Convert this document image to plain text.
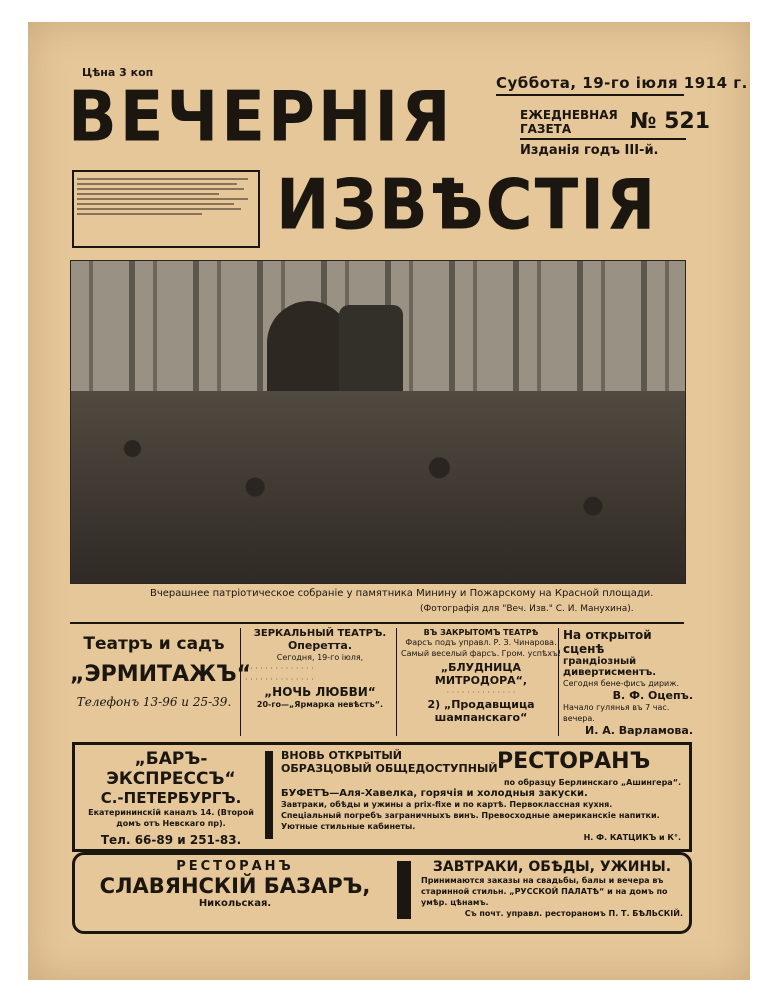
Цѣна 3 коп
Суббота, 19-го іюля 1914 г.
ВЕЧЕРНІЯ	ЕЖЕДНЕВНАЯ
ГАЗЕТА	№ 521
Изданія годъ III-й.
ИЗВѢСТІЯ
Вчерашнее патріотическое собраніе у памятника Минину и Пожарскому на Красной площади.
(Фотографія для "Веч. Изв." С. И. Манухина).
Театръ и садъ
„ЭРМИТАЖЪ“
Телефонъ 13-96 и 25-39.
ЗЕРКАЛЬНЫЙ ТЕАТРЪ.
Оперетта.
Сегодня, 19-го іюля,
· · · · · · · · · · · · · ·
· · · · · · · · · · · · · ·
„НОЧЬ ЛЮБВИ“
20-го—„Ярмарка невѣстъ“.
ВЪ ЗАКРЫТОМЪ ТЕАТРѢ
Фарсъ подъ управл. Р. З. Чинарова.
Самый веселый фарсъ. Гром. успѣхъ!
„БЛУДНИЦА МИТРОДОРА“,
· · · · · · · · · · · · · ·
2) „Продавщица шампанскаго“
На открытой сценѣ
грандіозный дивертисментъ.
Сегодня бене-фисъ дириж.
В. Ф. Оцепъ.
Начало гулянья въ 7 час. вечера.
И. А. Варламова.
„БАРЪ-ЭКСПРЕССЪ“
С.-ПЕТЕРБУРГЪ.
Екатерининскій каналъ 14. (Второй домъ отъ Невскаго пр).
Тел. 66-89 и 251-83.
ВНОВЬ ОТКРЫТЫЙ
ОБРАЗЦОВЫЙ ОБЩЕДОСТУПНЫЙ РЕСТОРАНЪ
по образцу Берлинскаго „Ашингера“.
БУФЕТЪ—Аля-Хавелка, горячія и холодныя закуски.
Завтраки, обѣды и ужины а prix-fixe и по картѣ. Первоклассная кухня.
Спеціальный погребъ заграничныхъ винъ. Превосходные американскіе напитки. Уютные стильные кабинеты.
Н. Ф. КАТЦИКЪ и К°.
РЕСТОРАНЪ
СЛАВЯНСКІЙ БАЗАРЪ,
Никольская.
ЗАВТРАКИ, ОБѢДЫ, УЖИНЫ.
Принимаются заказы на свадьбы, балы и вечера въ старинной стильн. „РУССКОЙ ПАЛАТѢ“ и на домъ по умѣр. цѣнамъ.
Съ почт. управл. рестораномъ П. Т. БѢЛЬСКІЙ.
